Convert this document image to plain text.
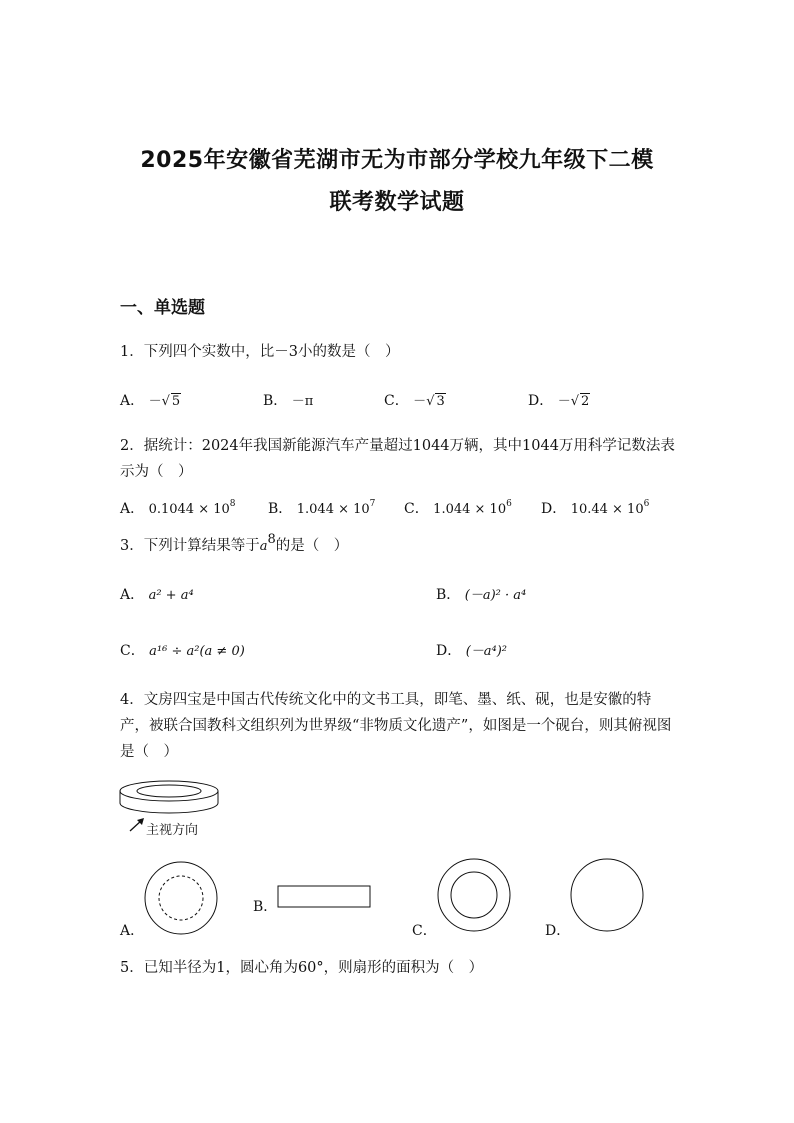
2025年安徽省芜湖市无为市部分学校九年级下二模
联考数学试题
一、单选题
1．下列四个实数中，比－3小的数是（　）
A． －√ 5	B． －π	C． －√ 3	D． －√ 2
2．据统计：2024年我国新能源汽车产量超过1044万辆，其中1044万用科学记数法表示为（　）
A． $0.1044 \times 10^8$ B． $1.044 \times 10^7$ C． $1.044 \times 10^6$ D． $10.44 \times 10^6$
3．下列计算结果等于$a^8$的是（　）
A． a² + a⁴	B． (－a)² · a⁴
C． a¹⁶ ÷ a²(a ≠ 0)	D． (－a⁴)²
4．文房四宝是中国古代传统文化中的文书工具，即笔、墨、纸、砚，也是安徽的特产，被联合国教科文组织列为世界级“非物质文化遗产”，如图是一个砚台，则其俯视图是（　）
主视方向
A．
B．
C．	D．
5．已知半径为1，圆心角为60°，则扇形的面积为（　）
